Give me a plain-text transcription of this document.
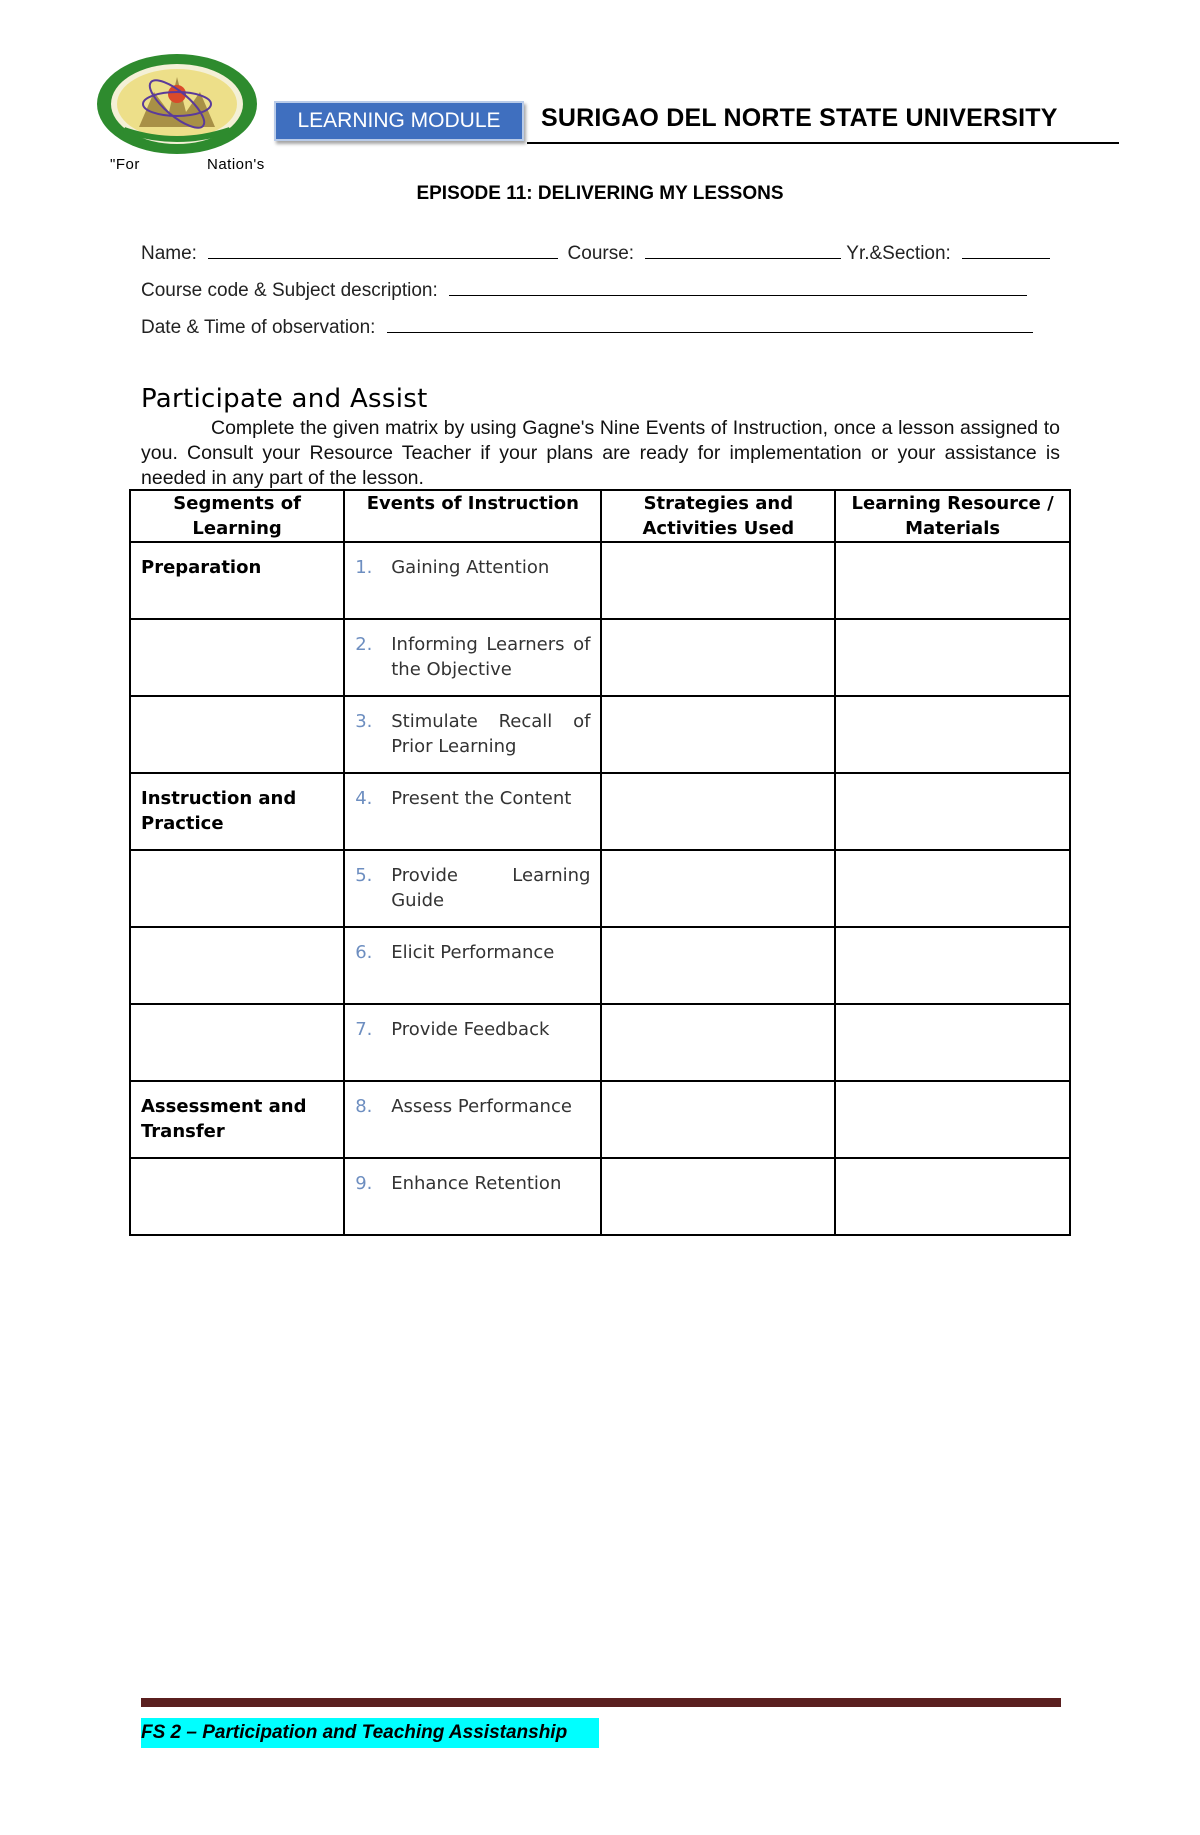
"For	Nation's
LEARNING MODULE	SURIGAO DEL NORTE STATE UNIVERSITY
EPISODE 11: DELIVERING MY LESSONS
Name:	Course:	Yr.&Section:
Course code & Subject description:
Date & Time of observation:
Participate and Assist
Complete the given matrix by using Gagne's Nine Events of Instruction, once a lesson assigned to you. Consult your Resource Teacher if your plans are ready for implementation or your assistance is needed in any part of the lesson.
Segments of Learning	Events of Instruction	Strategies and Activities Used	Learning Resource / Materials
Preparation	1. Gaining Attention		

	2. Informing Learners of the Objective		

	3. Stimulate Recall of Prior Learning		

Instruction and Practice	4. Present the Content		

	5. Provide Learning Guide		

	6. Elicit Performance		

	7. Provide Feedback		

Assessment and Transfer	8. Assess Performance		

	9. Enhance Retention		

FS 2 – Participation and Teaching Assistanship
